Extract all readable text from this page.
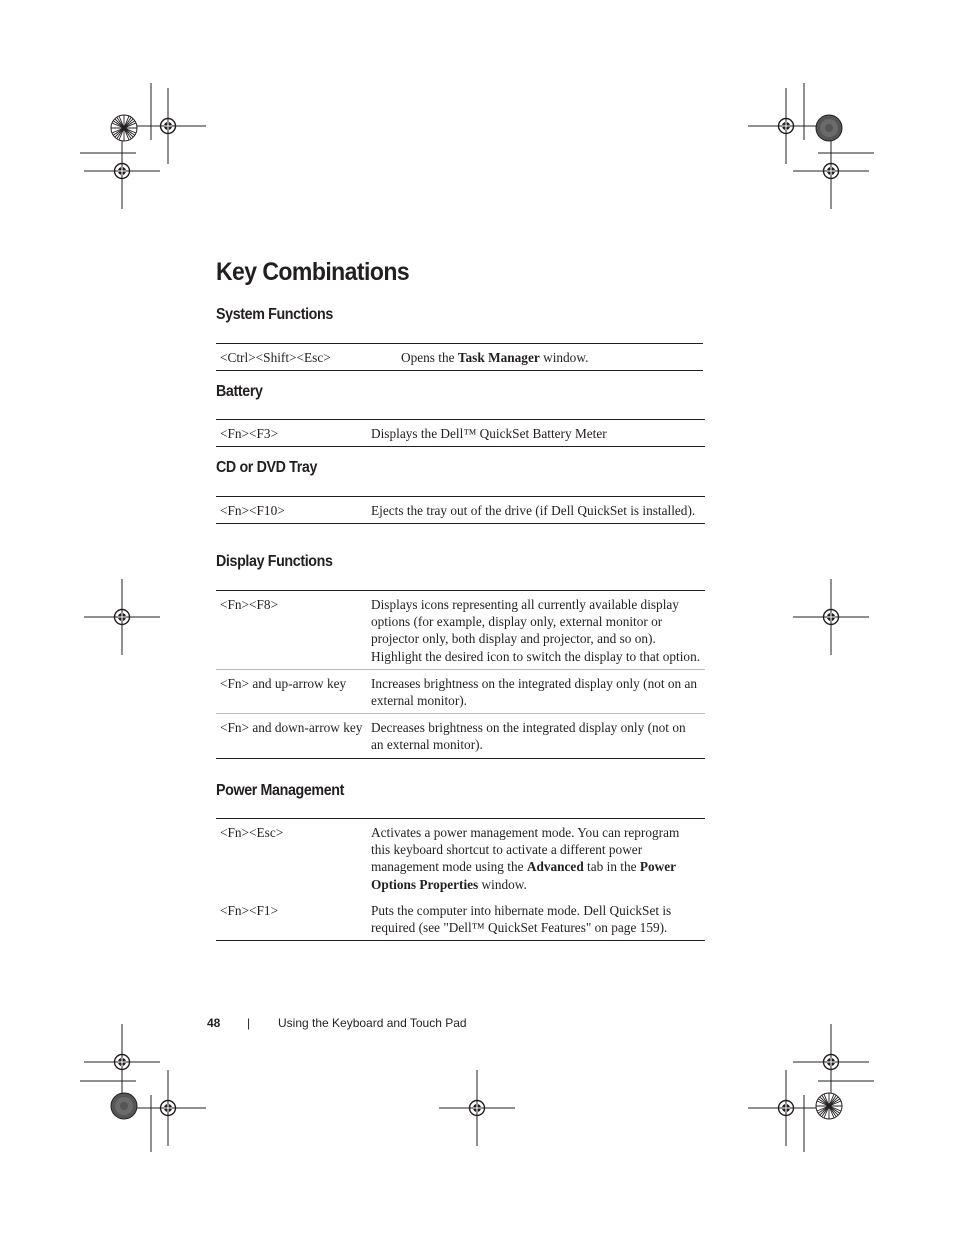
Key Combinations
System Functions
<Ctrl><Shift><Esc>	Opens the Task Manager window.
Battery
<Fn><F3>	Displays the Dell™ QuickSet Battery Meter
CD or DVD Tray
<Fn><F10>	Ejects the tray out of the drive (if Dell QuickSet is installed).
Display Functions
<Fn><F8>	Displays icons representing all currently available display options (for example, display only, external monitor or projector only, both display and projector, and so on). Highlight the desired icon to switch the display to that option.
<Fn> and up-arrow key	Increases brightness on the integrated display only (not on an external monitor).
<Fn> and down-arrow key	Decreases brightness on the integrated display only (not on an external monitor).
Power Management
<Fn><Esc>	Activates a power management mode. You can reprogram this keyboard shortcut to activate a different power management mode using the Advanced tab in the Power Options Properties window.
<Fn><F1>	Puts the computer into hibernate mode. Dell QuickSet is required (see "Dell™ QuickSet Features" on page 159).
48 | Using the Keyboard and Touch Pad
